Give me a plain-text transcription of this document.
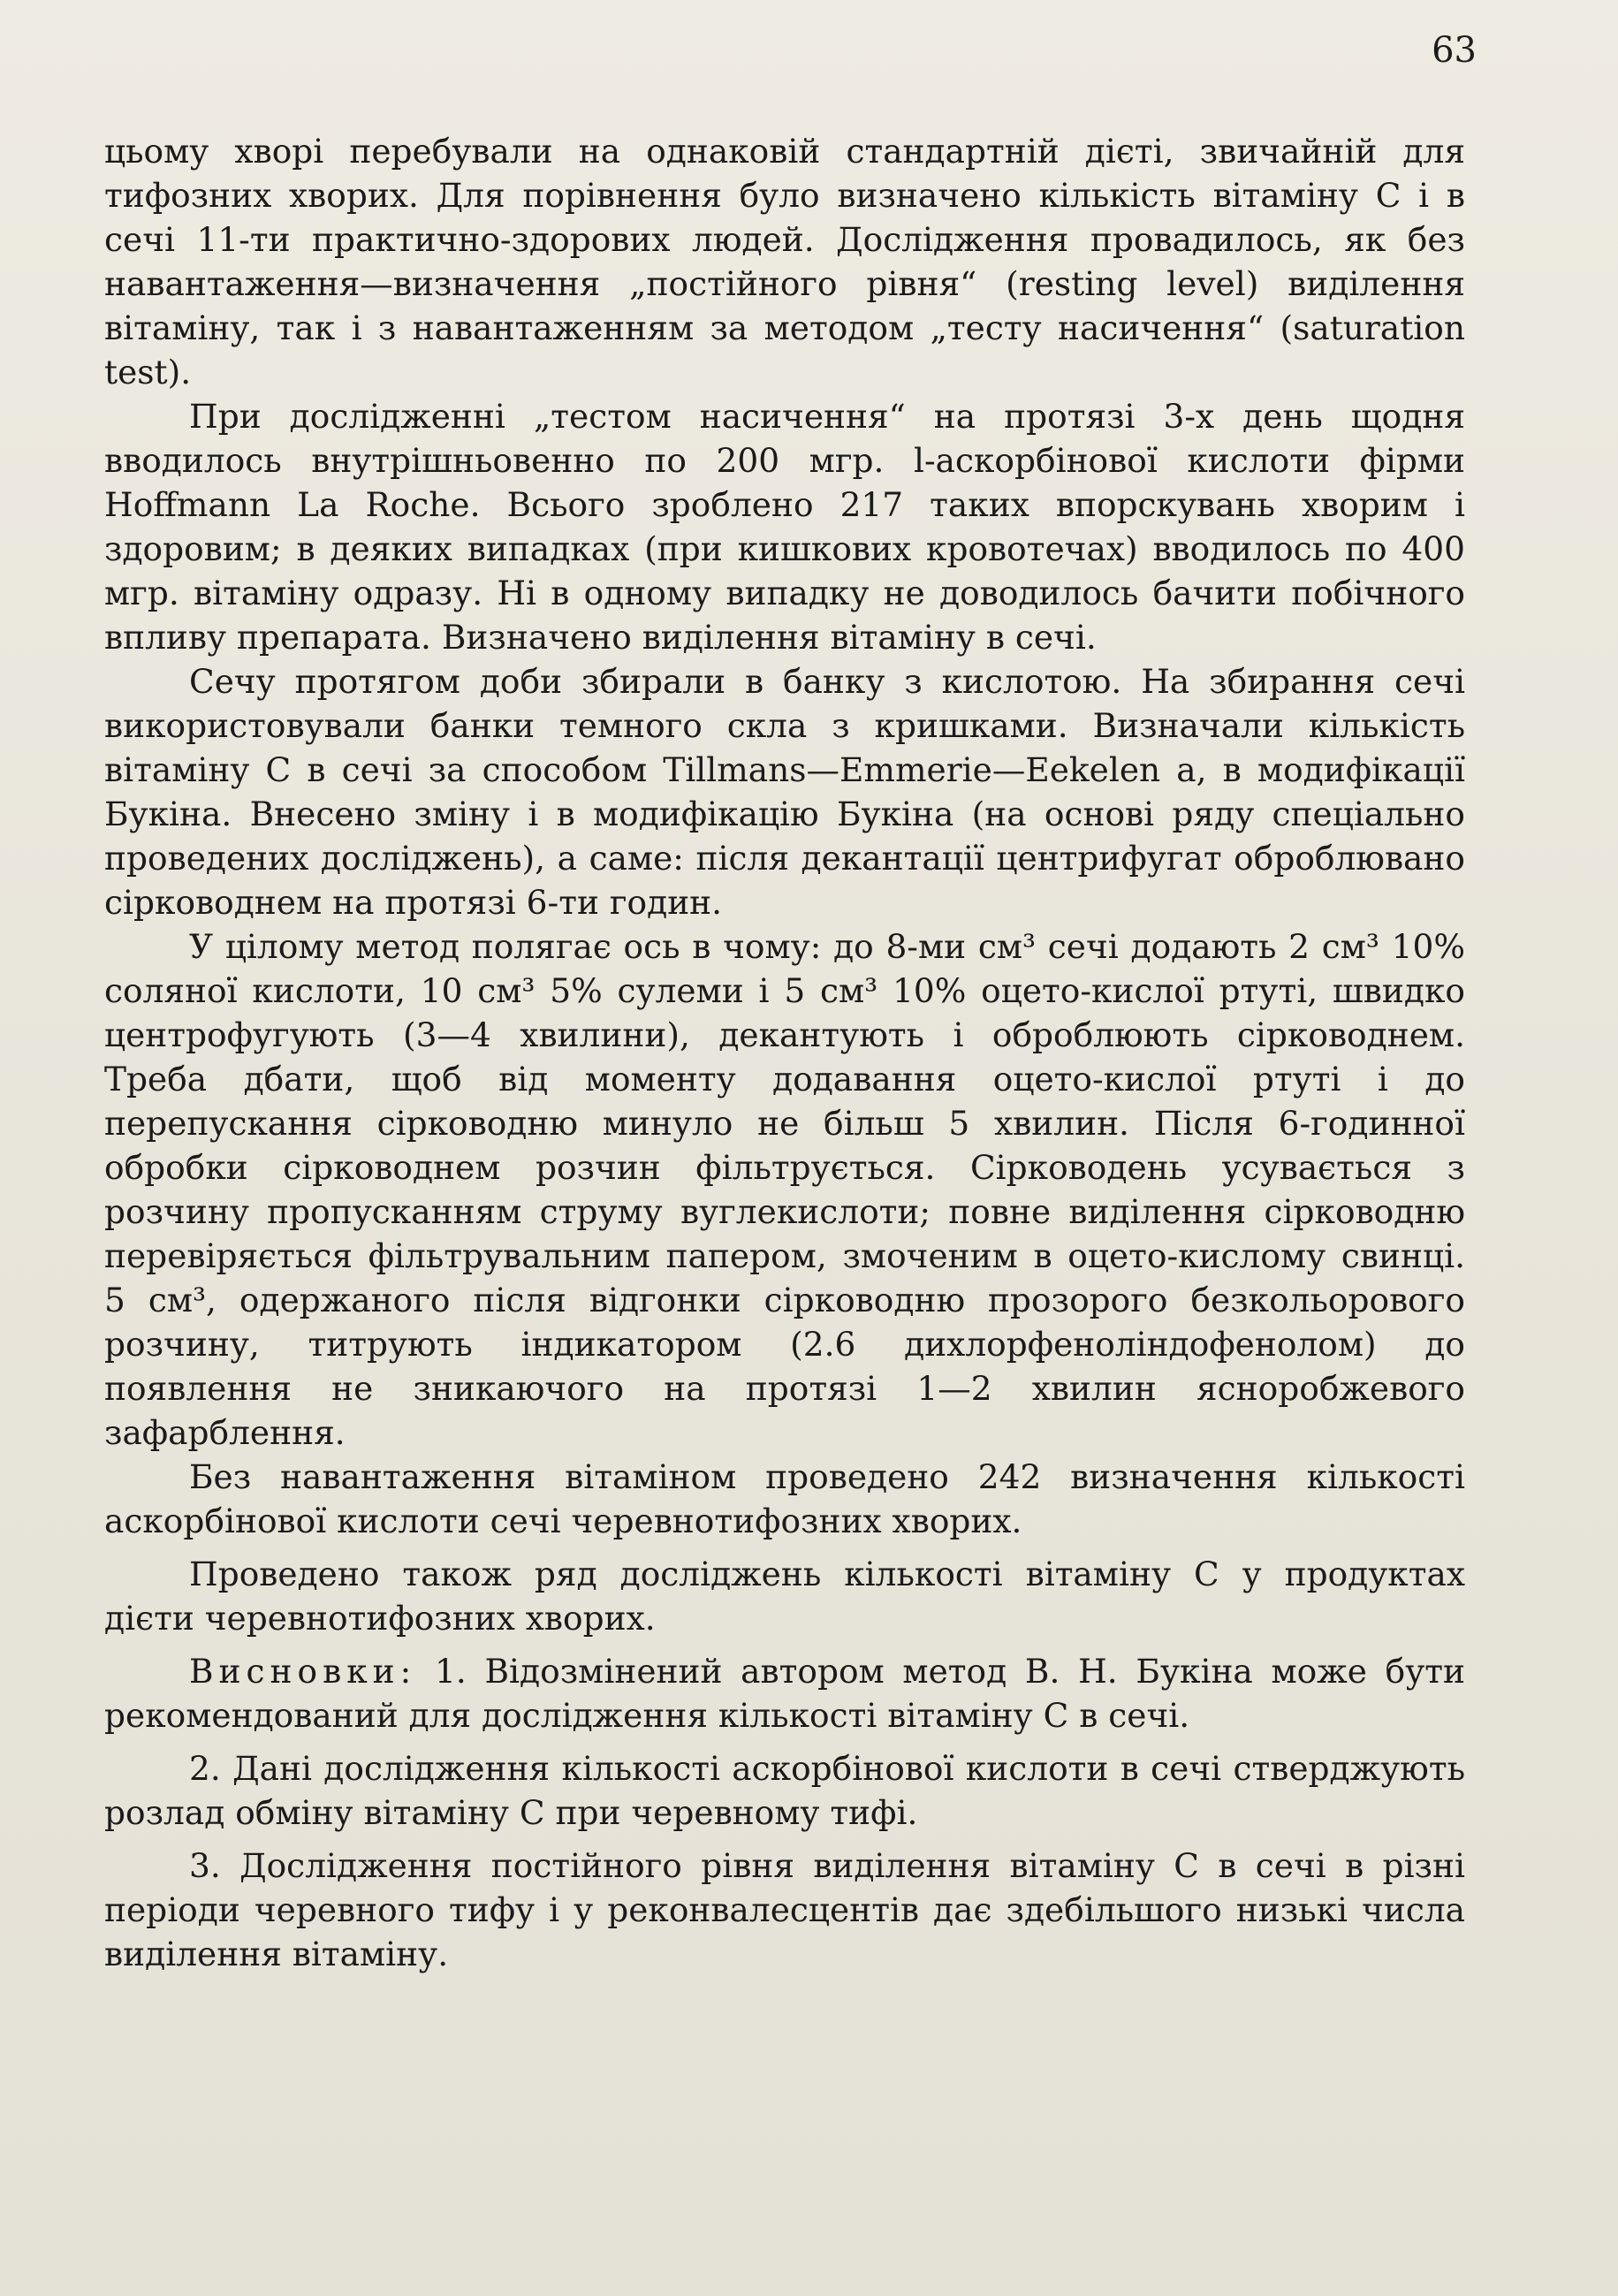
63

цьому хворі перебували на однаковій стандартній дієті, звичайній для тифозних хворих. Для порівнення було визначено кількість вітаміну С і в сечі 11-ти практично-здорових людей. Дослідження провадилось, як без навантаження—визначення „постійного рівня“ (resting level) виділення вітаміну, так і з навантаженням за методом „тесту насичення“ (saturation test).

При дослідженні „тестом насичення“ на протязі 3-х день щодня вводилось внутрішньовенно по 200 мгр. l-аскорбінової кислоти фірми Hoffmann La Roche. Всього зроблено 217 таких впорскувань хворим і здоровим; в деяких випадках (при кишкових кровотечах) вводилось по 400 мгр. вітаміну одразу. Ні в одному випадку не доводилось бачити побічного впливу препарата. Визначено виділення вітаміну в сечі.

Сечу протягом доби збирали в банку з кислотою. На збирання сечі використовували банки темного скла з кришками. Визначали кількість вітаміну С в сечі за способом Tillmans—Emmerie—Eekelen а, в модифікації Букіна. Внесено зміну і в модифікацію Букіна (на основі ряду спеціально проведених досліджень), а саме: після декантації центрифугат оброблювано сірководнем на протязі 6-ти годин.

У цілому метод полягає ось в чому: до 8-ми см³ сечі додають 2 см³ 10% соляної кислоти, 10 см³ 5% сулеми і 5 см³ 10% оцето-кислої ртуті, швидко центрофугують (3—4 хвилини), декантують і оброблюють сірководнем. Треба дбати, щоб від моменту додавання оцето-кислої ртуті і до перепускання сірководню минуло не більш 5 хвилин. Після 6-годинної обробки сірководнем розчин фільтрується. Сірководень усувається з розчину пропусканням струму вуглекислоти; повне виділення сірководню перевіряється фільтрувальним папером, змоченим в оцето-кислому свинці. 5 см³, одержаного після відгонки сірководню прозорого безкольорового розчину, титрують індикатором (2.6 дихлорфеноліндофенолом) до появлення не зникаючого на протязі 1—2 хвилин ясноробжевого зафарблення.

Без навантаження вітаміном проведено 242 визначення кількості аскорбінової кислоти сечі черевнотифозних хворих.

Проведено також ряд досліджень кількості вітаміну С у продуктах дієти черевнотифозних хворих.

Висновки: 1. Відозмінений автором метод В. Н. Букіна може бути рекомендований для дослідження кількості вітаміну С в сечі.

2. Дані дослідження кількості аскорбінової кислоти в сечі стверджують розлад обміну вітаміну С при черевному тифі.

3. Дослідження постійного рівня виділення вітаміну С в сечі в різні періоди черевного тифу і у реконвалесцентів дає здебільшого низькі числа виділення вітаміну.
